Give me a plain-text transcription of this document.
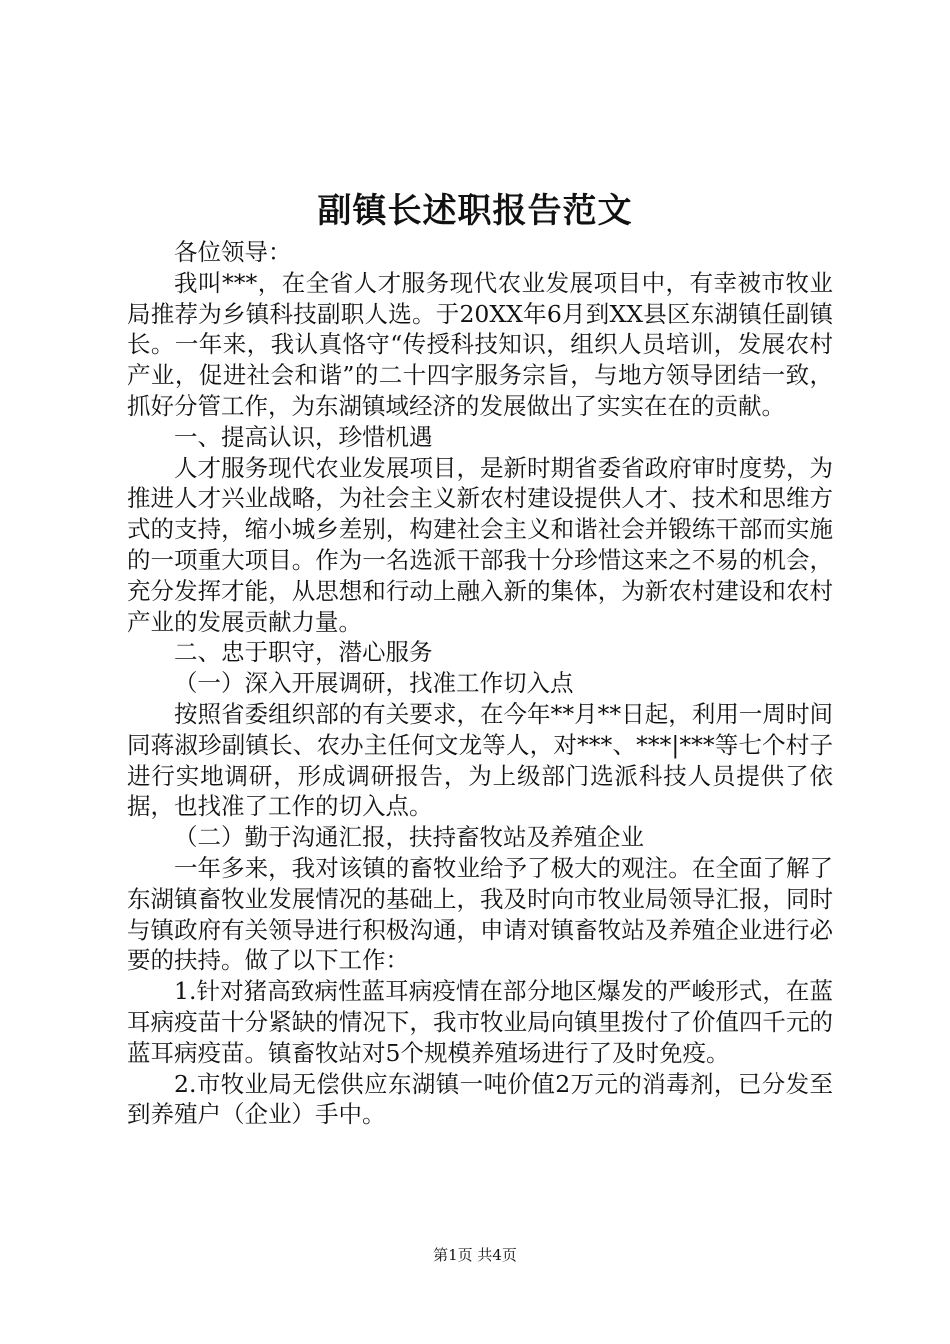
副镇长述职报告范文

各位领导：

我叫***，在全省人才服务现代农业发展项目中，有幸被市牧业局推荐为乡镇科技副职人选。于20XX年6月到XX县区东湖镇任副镇长。一年来，我认真恪守“传授科技知识，组织人员培训，发展农村产业，促进社会和谐”的二十四字服务宗旨，与地方领导团结一致，抓好分管工作，为东湖镇域经济的发展做出了实实在在的贡献。

一、提高认识，珍惜机遇

人才服务现代农业发展项目，是新时期省委省政府审时度势，为推进人才兴业战略，为社会主义新农村建设提供人才、技术和思维方式的支持，缩小城乡差别，构建社会主义和谐社会并锻练干部而实施的一项重大项目。作为一名选派干部我十分珍惜这来之不易的机会，充分发挥才能，从思想和行动上融入新的集体，为新农村建设和农村产业的发展贡献力量。

二、忠于职守，潜心服务

（一）深入开展调研，找准工作切入点

按照省委组织部的有关要求，在今年**月**日起，利用一周时间同蒋淑珍副镇长、农办主任何文龙等人，对***、***|***等七个村子进行实地调研，形成调研报告，为上级部门选派科技人员提供了依据，也找准了工作的切入点。

（二）勤于沟通汇报，扶持畜牧站及养殖企业

一年多来，我对该镇的畜牧业给予了极大的观注。在全面了解了东湖镇畜牧业发展情况的基础上，我及时向市牧业局领导汇报，同时与镇政府有关领导进行积极沟通，申请对镇畜牧站及养殖企业进行必要的扶持。做了以下工作：

1.针对猪高致病性蓝耳病疫情在部分地区爆发的严峻形式，在蓝耳病疫苗十分紧缺的情况下，我市牧业局向镇里拨付了价值四千元的蓝耳病疫苗。镇畜牧站对5个规模养殖场进行了及时免疫。

2.市牧业局无偿供应东湖镇一吨价值2万元的消毒剂，已分发至到养殖户（企业）手中。

第1页 共4页
